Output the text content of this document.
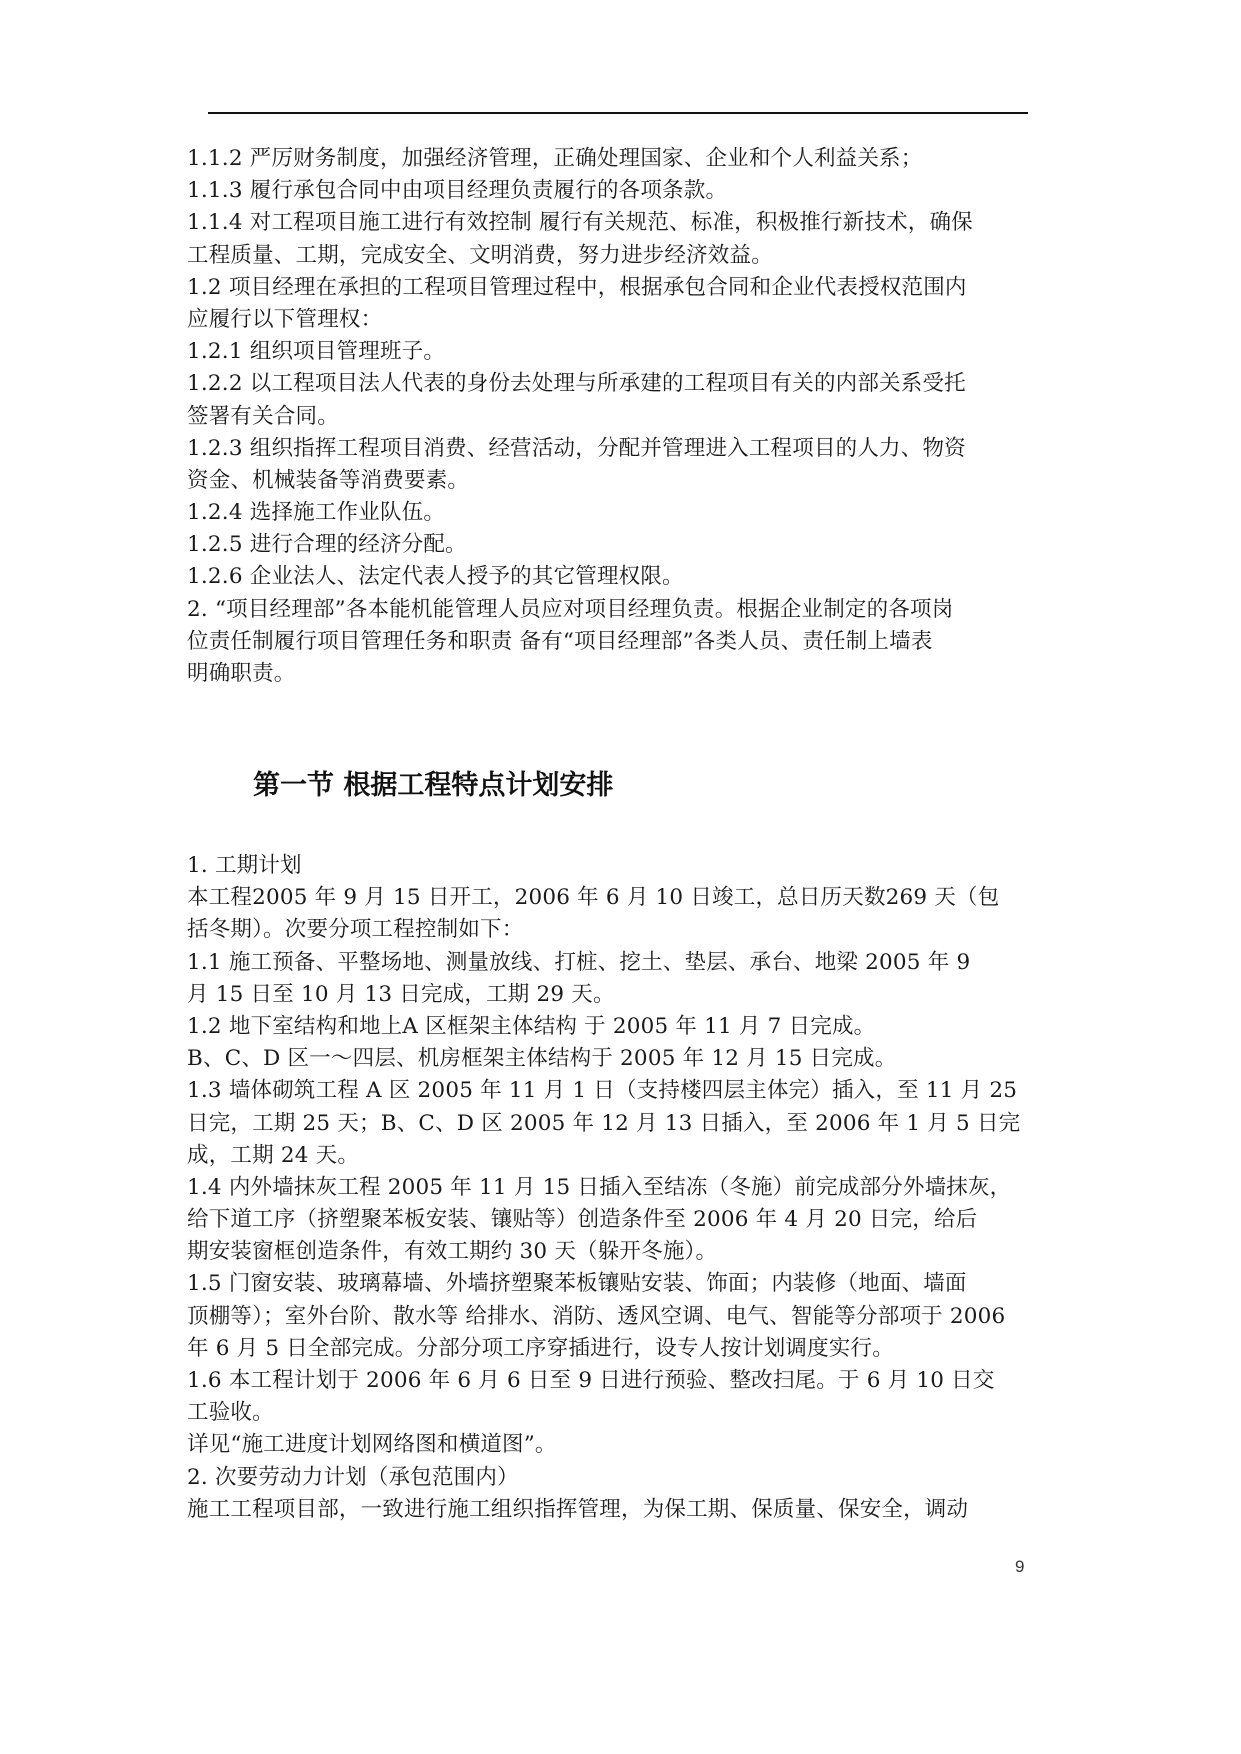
1.1.2 严厉财务制度，加强经济管理，正确处理国家、企业和个人利益关系；
1.1.3 履行承包合同中由项目经理负责履行的各项条款。
1.1.4 对工程项目施工进行有效控制 履行有关规范、标准，积极推行新技术，确保
工程质量、工期，完成安全、文明消费，努力进步经济效益。
1.2 项目经理在承担的工程项目管理过程中，根据承包合同和企业代表授权范围内
应履行以下管理权：
1.2.1 组织项目管理班子。
1.2.2 以工程项目法人代表的身份去处理与所承建的工程项目有关的内部关系受托
签署有关合同。
1.2.3 组织指挥工程项目消费、经营活动，分配并管理进入工程项目的人力、物资
资金、机械装备等消费要素。
1.2.4 选择施工作业队伍。
1.2.5 进行合理的经济分配。
1.2.6 企业法人、法定代表人授予的其它管理权限。
2. “项目经理部”各本能机能管理人员应对项目经理负责。根据企业制定的各项岗
位责任制履行项目管理任务和职责 备有“项目经理部”各类人员、责任制上墙表
明确职责。
第一节 根据工程特点计划安排
1. 工期计划
本工程2005 年 9 月 15 日开工，2006 年 6 月 10 日竣工，总日历天数269 天（包
括冬期）。次要分项工程控制如下：
1.1 施工预备、平整场地、测量放线、打桩、挖土、垫层、承台、地梁 2005 年 9
月 15 日至 10 月 13 日完成，工期 29 天。
1.2 地下室结构和地上A 区框架主体结构 于 2005 年 11 月 7 日完成。
B、C、D 区一～四层、机房框架主体结构于 2005 年 12 月 15 日完成。
1.3 墙体砌筑工程 A 区 2005 年 11 月 1 日（支持楼四层主体完）插入，至 11 月 25
日完，工期 25 天；B、C、D 区 2005 年 12 月 13 日插入，至 2006 年 1 月 5 日完
成，工期 24 天。
1.4 内外墙抹灰工程 2005 年 11 月 15 日插入至结冻（冬施）前完成部分外墙抹灰，
给下道工序（挤塑聚苯板安装、镶贴等）创造条件至 2006 年 4 月 20 日完，给后
期安装窗框创造条件，有效工期约 30 天（躲开冬施）。
1.5 门窗安装、玻璃幕墙、外墙挤塑聚苯板镶贴安装、饰面；内装修（地面、墙面
顶棚等）；室外台阶、散水等 给排水、消防、透风空调、电气、智能等分部项于 2006
年 6 月 5 日全部完成。分部分项工序穿插进行，设专人按计划调度实行。
1.6 本工程计划于 2006 年 6 月 6 日至 9 日进行预验、整改扫尾。于 6 月 10 日交
工验收。
详见“施工进度计划网络图和横道图”。
2. 次要劳动力计划（承包范围内）
施工工程项目部，一致进行施工组织指挥管理，为保工期、保质量、保安全，调动
9
